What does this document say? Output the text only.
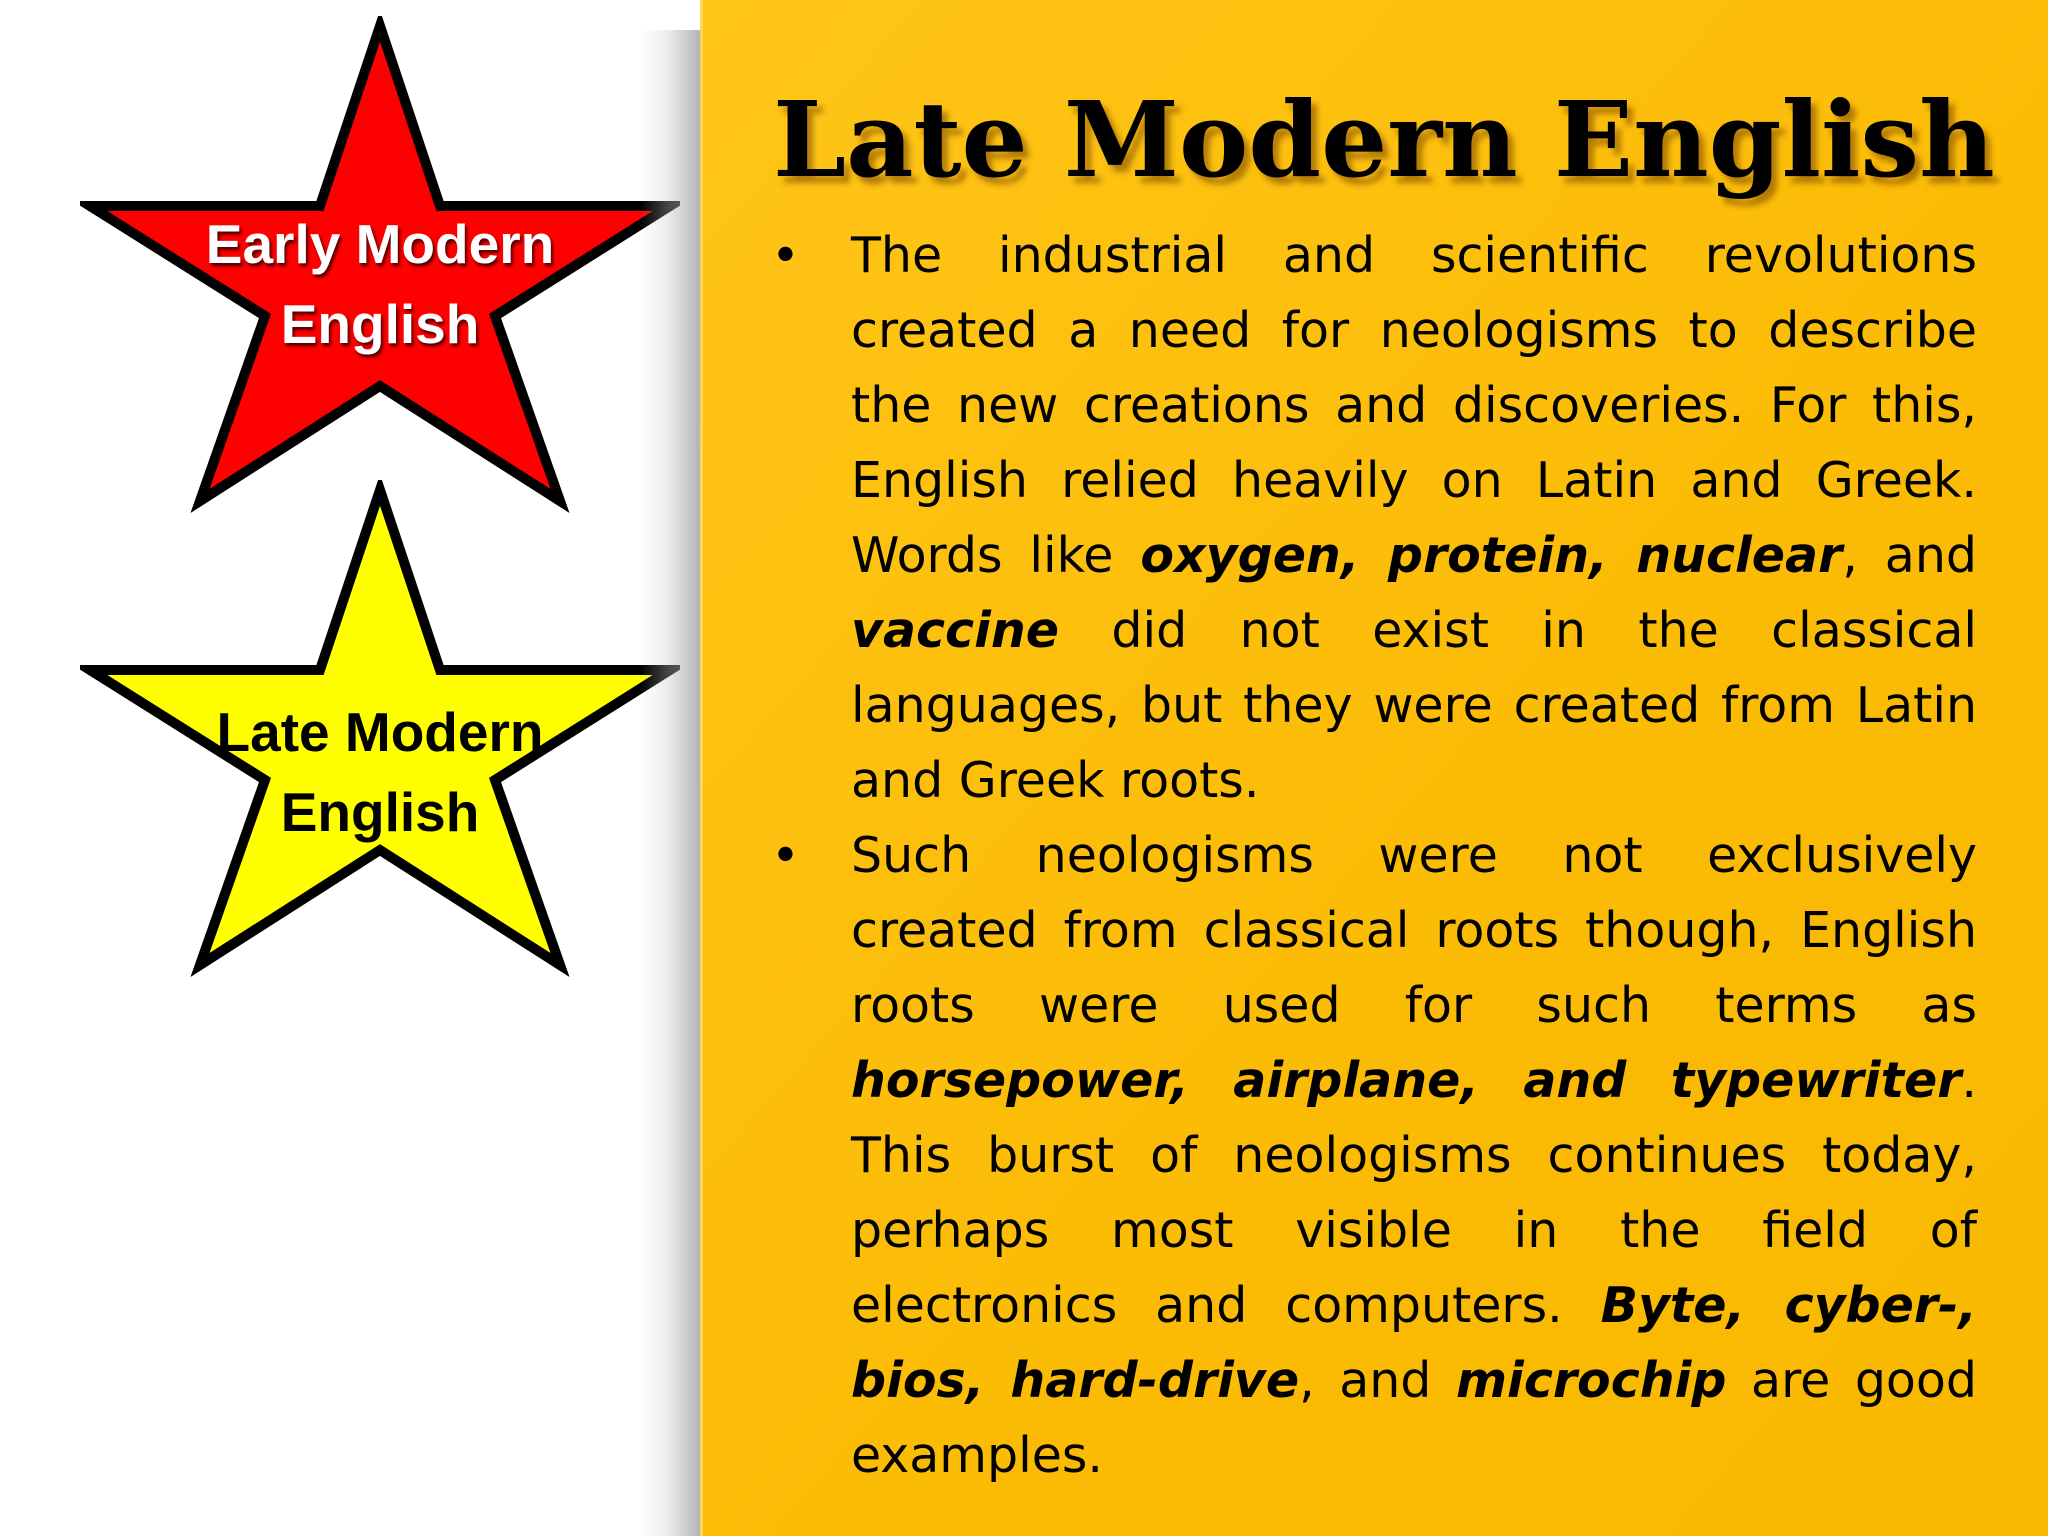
Early Modern
English
Late Modern
English
Late Modern English
• The industrial and scientific revolutions created a need for neologisms to describe the new creations and discoveries. For this, English relied heavily on Latin and Greek. Words like oxygen, protein, nuclear, and vaccine did not exist in the classical languages, but they were created from Latin and Greek roots.
• Such neologisms were not exclusively created from classical roots though, English roots were used for such terms as horsepower, airplane, and typewriter. This burst of neologisms continues today, perhaps most visible in the field of electronics and computers. Byte, cyber-, bios, hard-drive, and microchip are good examples.
